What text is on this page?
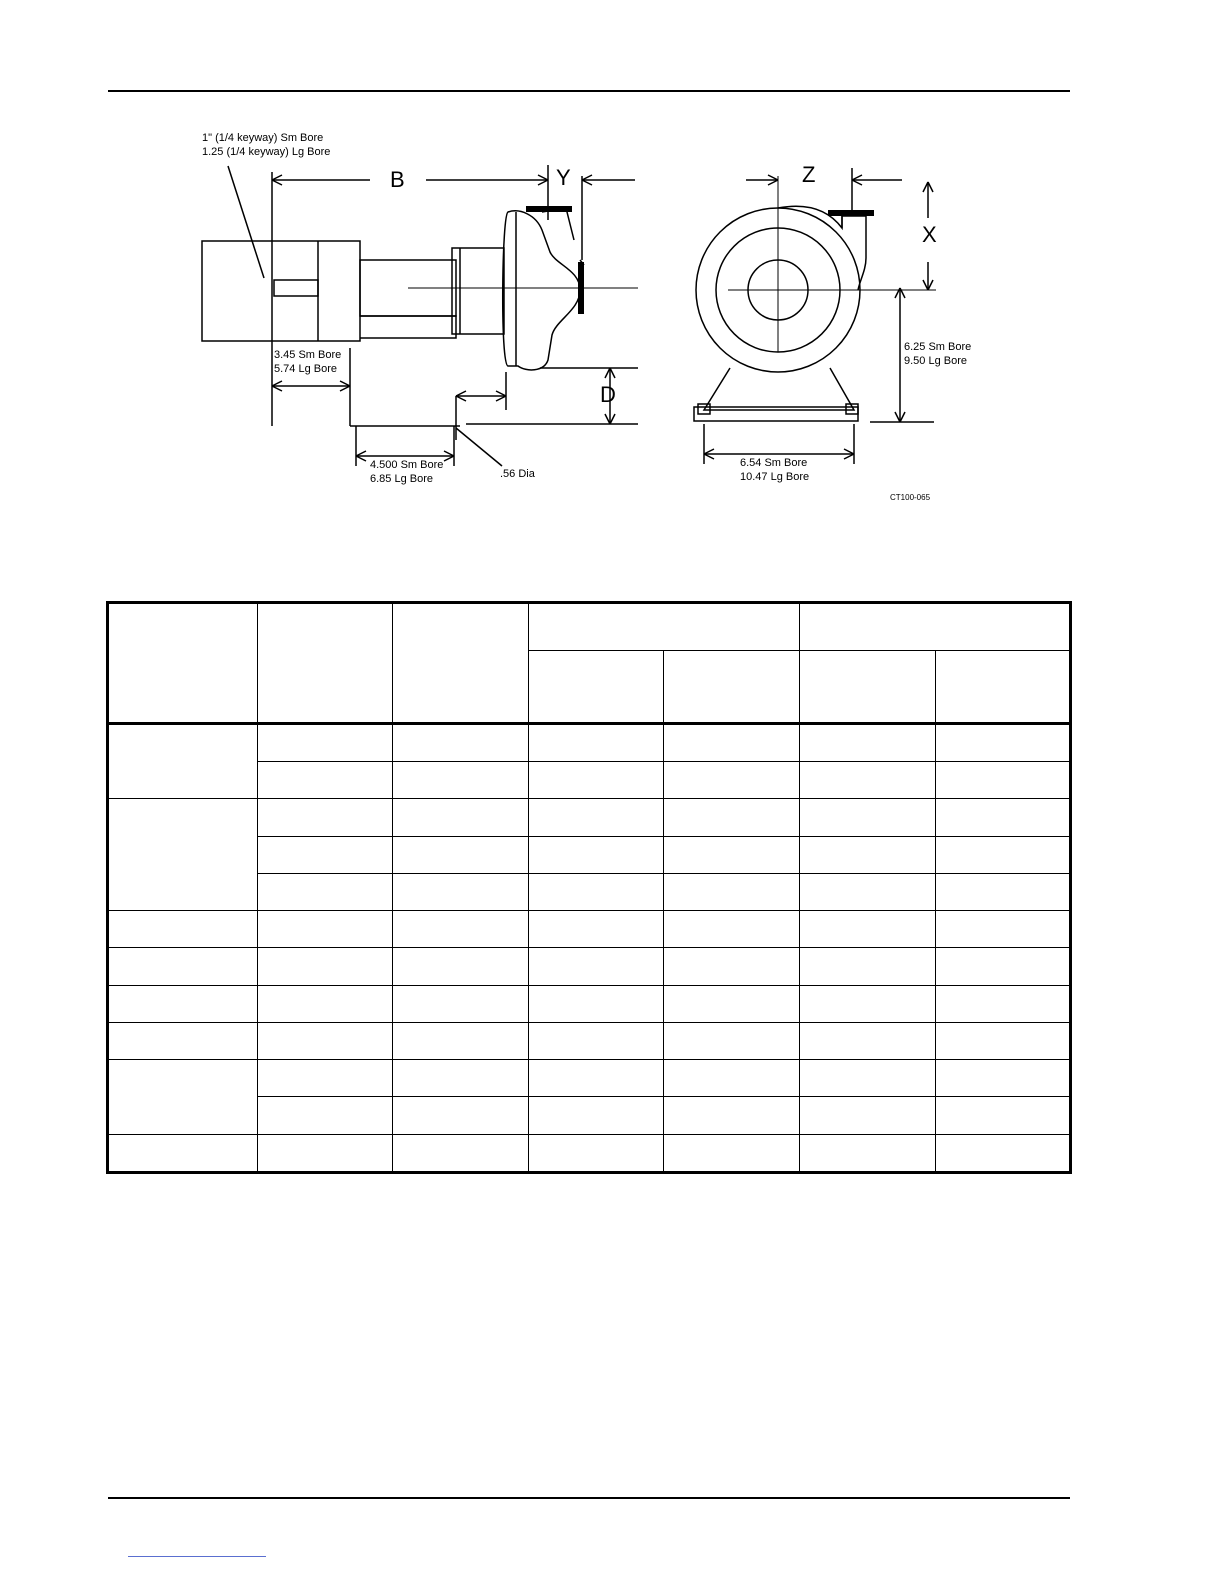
1" (1/4 keyway) Sm Bore
1.25 (1/4 keyway) Lg Bore
B	Y	Z
X
D
3.45 Sm Bore
5.74 Lg Bore
4.500 Sm Bore
6.85 Lg Bore	.56 Dia
6.25 Sm Bore
9.50 Lg Bore
6.54 Sm Bore
10.47 Lg Bore
CT100-065
